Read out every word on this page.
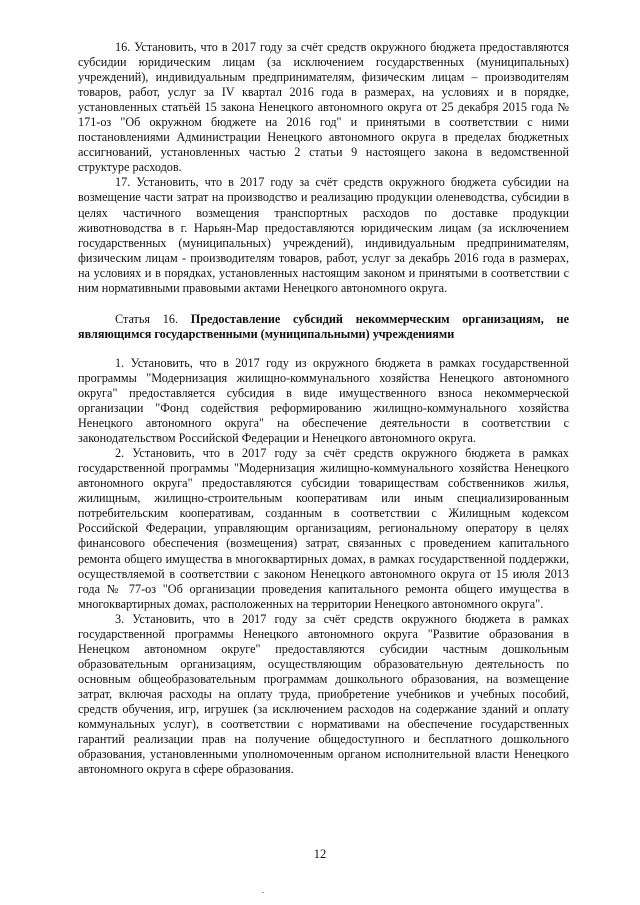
16. Установить, что в 2017 году за счёт средств окружного бюджета предоставляются субсидии юридическим лицам (за исключением государственных (муниципальных) учреждений), индивидуальным предпринимателям, физическим лицам – производителям товаров, работ, услуг за IV квартал 2016 года в размерах, на условиях и в порядке, установленных статьёй 15 закона Ненецкого автономного округа от 25 декабря 2015 года № 171-оз "Об окружном бюджете на 2016 год" и принятыми в соответствии с ними постановлениями Администрации Ненецкого автономного округа в пределах бюджетных ассигнований, установленных частью 2 статьи 9 настоящего закона в ведомственной структуре расходов.

17. Установить, что в 2017 году за счёт средств окружного бюджета субсидии на возмещение части затрат на производство и реализацию продукции оленеводства, субсидии в целях частичного возмещения транспортных расходов по доставке продукции животноводства в г. Нарьян-Мар предоставляются юридическим лицам (за исключением государственных (муниципальных) учреждений), индивидуальным предпринимателям, физическим лицам - производителям товаров, работ, услуг за декабрь 2016 года в размерах, на условиях и в порядках, установленных настоящим законом и принятыми в соответствии с ним нормативными правовыми актами Ненецкого автономного округа.

Статья 16. Предоставление субсидий некоммерческим организациям, не являющимся государственными (муниципальными) учреждениями

1. Установить, что в 2017 году из окружного бюджета в рамках государственной программы "Модернизация жилищно-коммунального хозяйства Ненецкого автономного округа" предоставляется субсидия в виде имущественного взноса некоммерческой организации "Фонд содействия реформированию жилищно-коммунального хозяйства Ненецкого автономного округа" на обеспечение деятельности в соответствии с законодательством Российской Федерации и Ненецкого автономного округа.

2. Установить, что в 2017 году за счёт средств окружного бюджета в рамках государственной программы "Модернизация жилищно-коммунального хозяйства Ненецкого автономного округа" предоставляются субсидии товариществам собственников жилья, жилищным, жилищно-строительным кооперативам или иным специализированным потребительским кооперативам, созданным в соответствии с Жилищным кодексом Российской Федерации, управляющим организациям, региональному оператору в целях финансового обеспечения (возмещения) затрат, связанных с проведением капитального ремонта общего имущества в многоквартирных домах, в рамках государственной поддержки, осуществляемой в соответствии с законом Ненецкого автономного округа от 15 июля 2013 года № 77-оз "Об организации проведения капитального ремонта общего имущества в многоквартирных домах, расположенных на территории Ненецкого автономного округа".

3. Установить, что в 2017 году за счёт средств окружного бюджета в рамках государственной программы Ненецкого автономного округа "Развитие образования в Ненецком автономном округе" предоставляются субсидии частным дошкольным образовательным организациям, осуществляющим образовательную деятельность по основным общеобразовательным программам дошкольного образования, на возмещение затрат, включая расходы на оплату труда, приобретение учебников и учебных пособий, средств обучения, игр, игрушек (за исключением расходов на содержание зданий и оплату коммунальных услуг), в соответствии с нормативами на обеспечение государственных гарантий реализации прав на получение общедоступного и бесплатного дошкольного образования, установленными уполномоченным органом исполнительной власти Ненецкого автономного округа в сфере образования.

12
